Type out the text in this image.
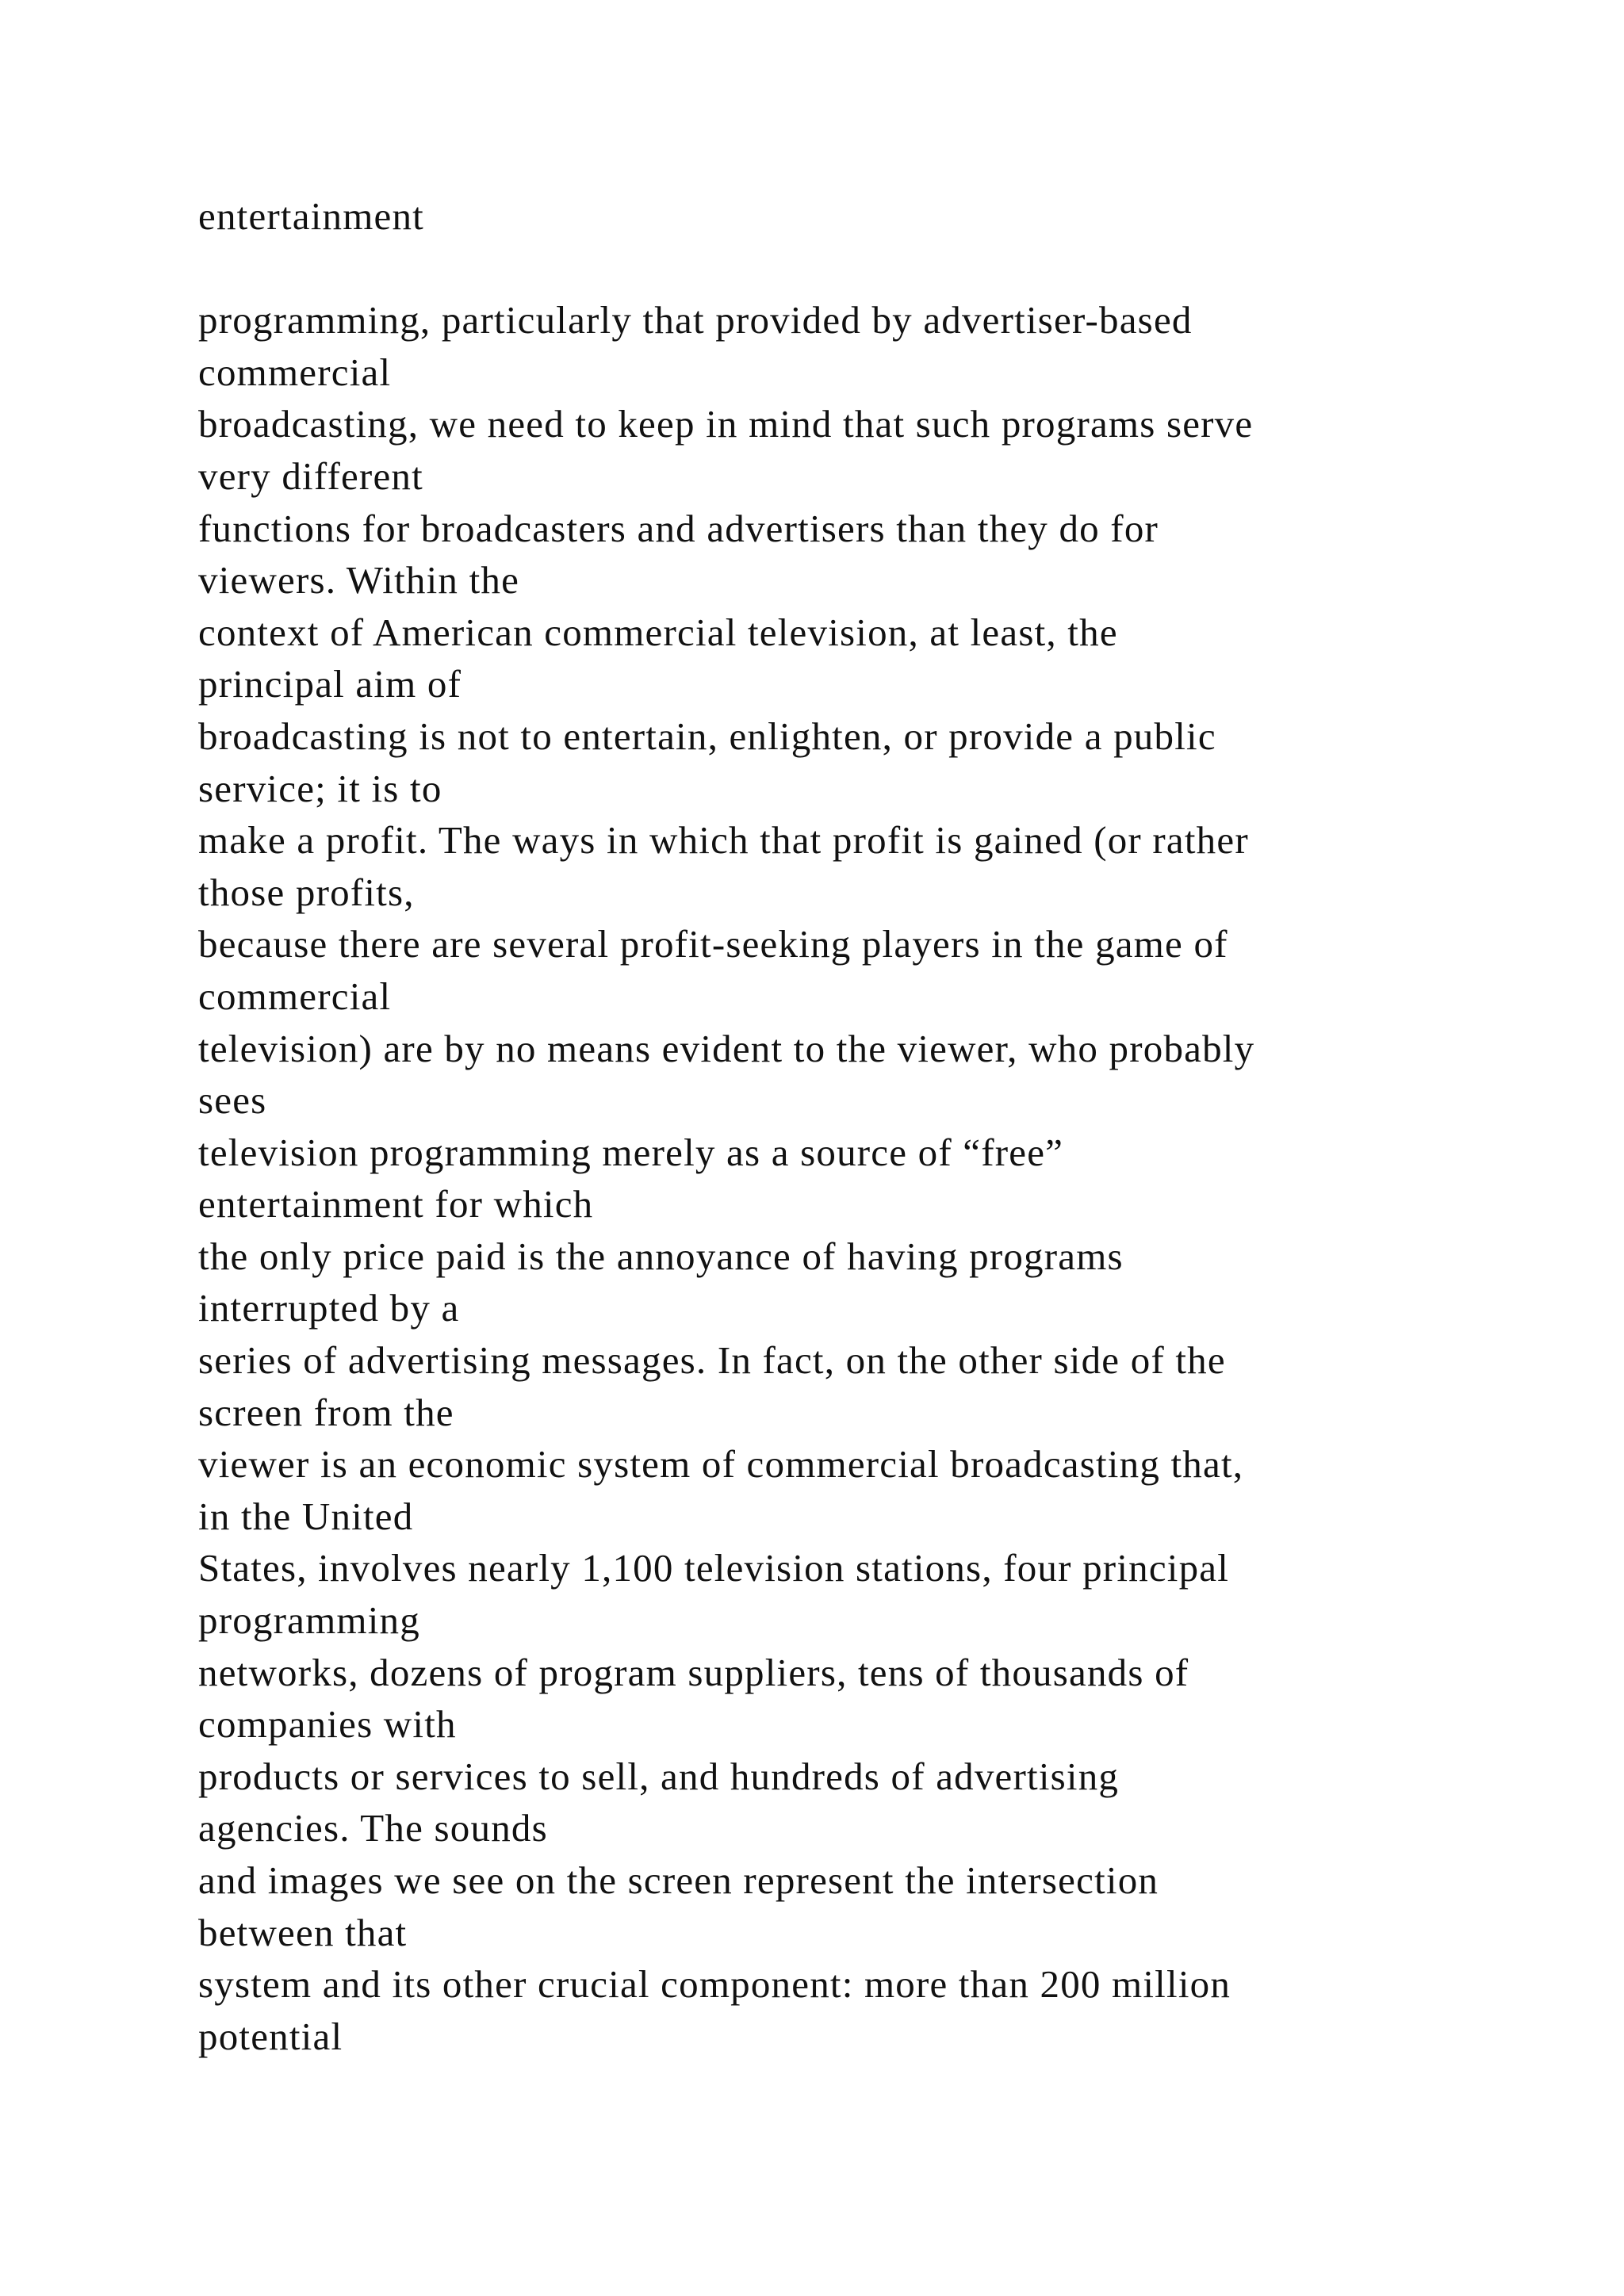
entertainment
programming, particularly that provided by advertiser-based
commercial
broadcasting, we need to keep in mind that such programs serve
very different
functions for broadcasters and advertisers than they do for
viewers. Within the
context of American commercial television, at least, the
principal aim of
broadcasting is not to entertain, enlighten, or provide a public
service; it is to
make a profit. The ways in which that profit is gained (or rather
those profits,
because there are several profit-seeking players in the game of
commercial
television) are by no means evident to the viewer, who probably
sees
television programming merely as a source of “free”
entertainment for which
the only price paid is the annoyance of having programs
interrupted by a
series of advertising messages. In fact, on the other side of the
screen from the
viewer is an economic system of commercial broadcasting that,
in the United
States, involves nearly 1,100 television stations, four principal
programming
networks, dozens of program suppliers, tens of thousands of
companies with
products or services to sell, and hundreds of advertising
agencies. The sounds
and images we see on the screen represent the intersection
between that
system and its other crucial component: more than 200 million
potential
